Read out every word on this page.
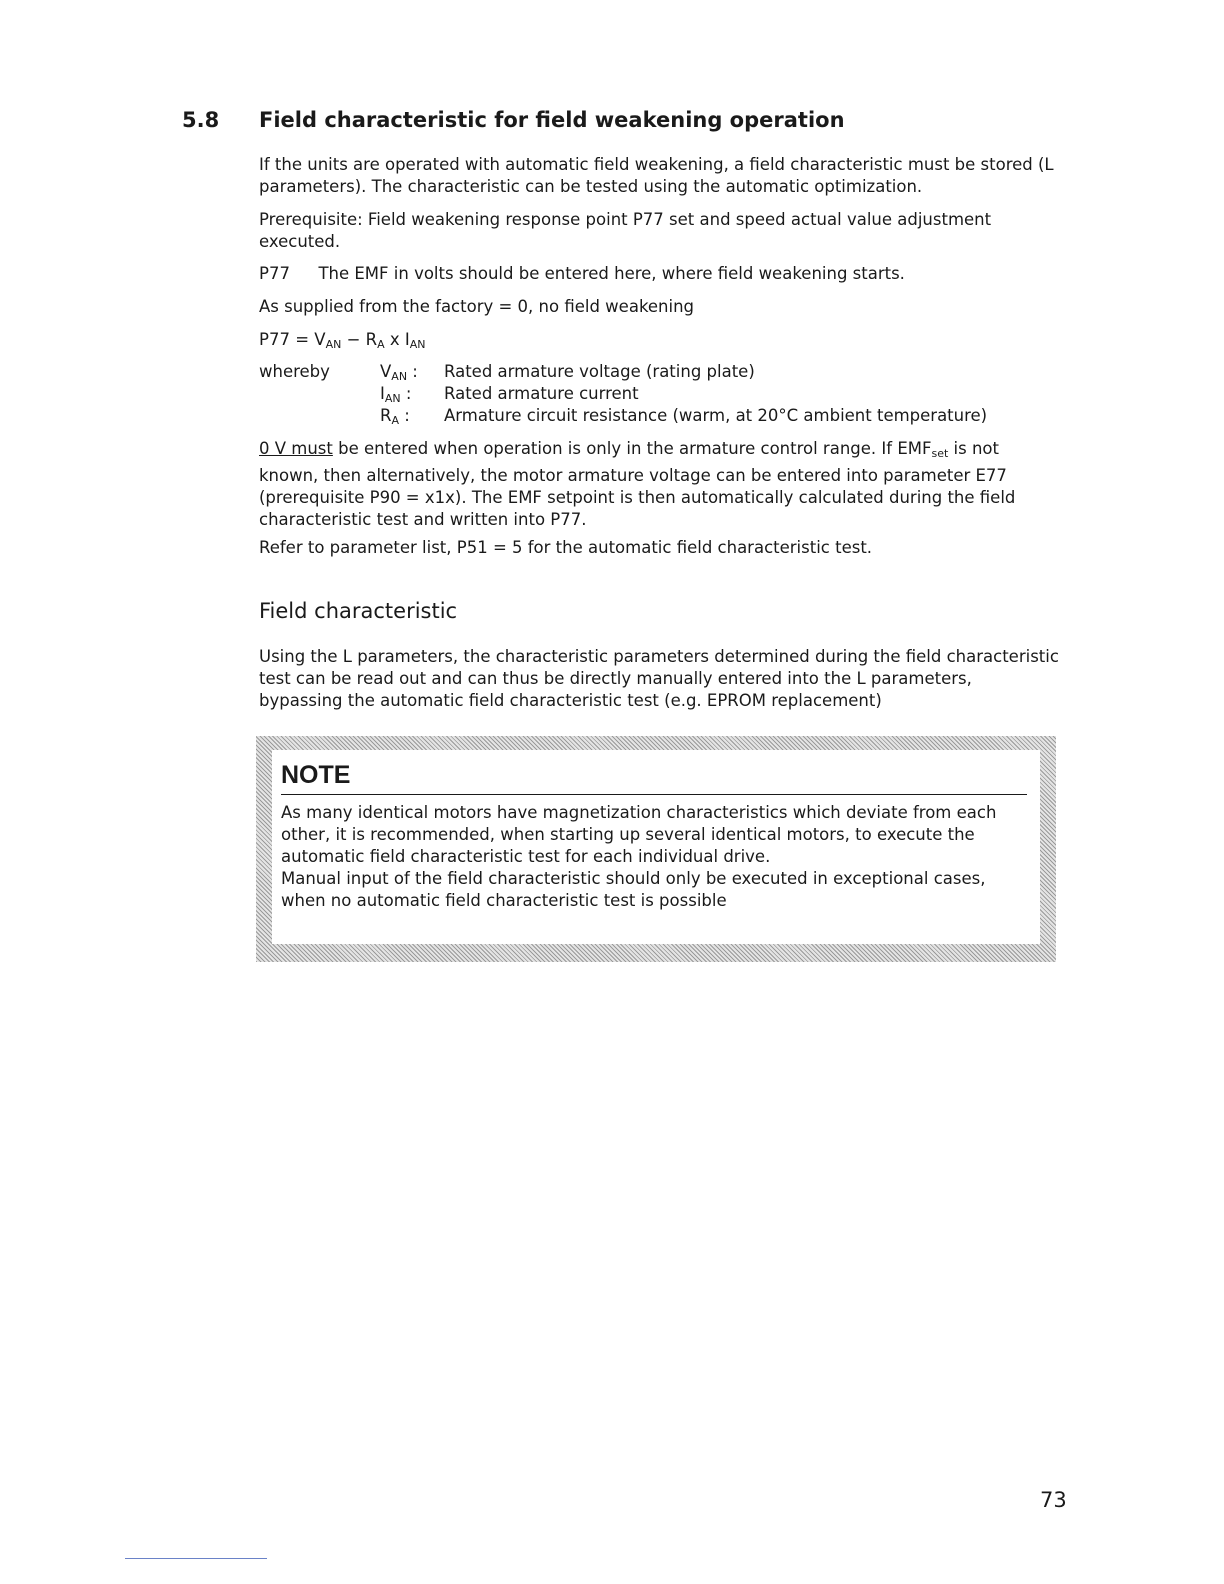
5.8 Field characteristic for field weakening operation

If the units are operated with automatic field weakening, a field characteristic must be stored (L parameters). The characteristic can be tested using the automatic optimization.

Prerequisite: Field weakening response point P77 set and speed actual value adjustment executed.

P77 The EMF in volts should be entered here, where field weakening starts.

As supplied from the factory = 0, no field weakening

$P77 = V_{AN} - R_A$ x $I_{AN}$
whereby	$V_{AN}$ : Rated armature voltage (rating plate)
$I_{AN}$ : Rated armature current
$R_A$ : Armature circuit resistance (warm, at 20°C ambient temperature)

0 V must be entered when operation is only in the armature control range. If $EMF_{set}$ is not known, then alternatively, the motor armature voltage can be entered into parameter E77 (prerequisite P90 = x1x). The EMF setpoint is then automatically calculated during the field characteristic test and written into P77.

Refer to parameter list, P51 = 5 for the automatic field characteristic test.

Field characteristic

Using the L parameters, the characteristic parameters determined during the field characteristic test can be read out and can thus be directly manually entered into the L parameters, bypassing the automatic field characteristic test (e.g. EPROM replacement)

NOTE
As many identical motors have magnetization characteristics which deviate from each other, it is recommended, when starting up several identical motors, to execute the automatic field characteristic test for each individual drive.
Manual input of the field characteristic should only be executed in exceptional cases, when no automatic field characteristic test is possible
73
